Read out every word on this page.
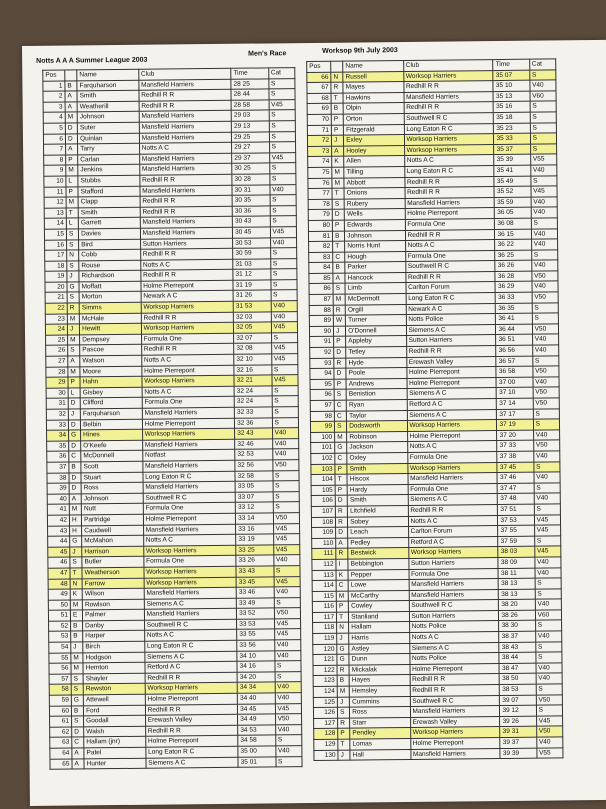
Notts A A A Summer League 2003
Men's Race	Worksop 9th July 2003
Pos		Name	Club	Time	Cat
1	B	Farquharson	Mansfield Harriers	28 25	S
2	A	Smith	Redhill R R	28 44	S
3	A	Weatherill	Redhill R R	28 58	V45
4	M	Johnson	Mansfield Harriers	29 03	S
5	D	Suter	Mansfield Harriers	29 13	S
6	D	Quinlan	Mansfield Harriers	29 25	S
7	A	Tarry	Notts A C	29 27	S
8	P	Carlan	Mansfield Harriers	29 37	V45
9	M	Jenkins	Mansfield Harriers	30 25	S
10	L	Stubbs	Redhill R R	30 28	S
11	P	Stafford	Mansfield Harriers	30 31	V40
12	M	Clapp	Redhill R R	30 35	S
13	T	Smith	Redhill R R	30 36	S
14	L	Garrett	Mansfield Harriers	30 43	S
15	S	Davies	Mansfield Harriers	30 45	V45
16	S	Bird	Sutton Harriers	30 53	V40
17	N	Cobb	Redhill R R	30 59	S
18	S	Rouse	Notts A C	31 03	S
19	J	Richardson	Redhill R R	31 12	S
20	G	Moffatt	Holme Pierrepont	31 19	S
21	S	Morton	Newark A C	31 26	S
22	R	Simms	Worksop Harriers	31 53	V40
23	M	McHale	Redhill R R	32 03	V40
24	J	Hewitt	Worksop Harriers	32 05	V45
25	M	Dempsey	Formula One	32 07	S
26	S	Pascoe	Redhill R R	32 08	V45
27	A	Watson	Notts A C	32 10	V45
28	M	Moore	Holme Pierrepont	32 16	S
29	P	Hahn	Worksop Harriers	32 21	V45
30	L	Gisbey	Notts A C	32 24	S
31	D	Clifford	Formula One	32 24	S
32	J	Farquharson	Mansfield Harriers	32 33	S
33	D	Belbin	Holme Pierrepont	32 36	S
34	G	Hines	Worksop Harriers	32 43	V40
35	D	O'Keefe	Mansfield Harriers	32 46	V40
36	C	McDonnell	Notfast	32 53	V40
37	B	Scott	Mansfield Harriers	32 56	V50
38	D	Stuart	Long Eaton R C	32 58	S
39	D	Ross	Mansfield Harriers	33 05	S
40	A	Johnson	Southwell R C	33 07	S
41	M	Nutt	Formula One	33 12	S
42	H	Partridge	Holme Pierrepont	33 14	V50
43	H	Caudwell	Mansfield Harriers	33 16	V45
44	G	McMahon	Notts A C	33 19	V45
45	J	Harrison	Worksop Harriers	33 25	V45
46	S	Butler	Formula One	33 26	V40
47	T	Weatherson	Worksop Harriers	33 43	S
48	N	Farrow	Worksop Harriers	33 45	V45
49	K	Wilson	Mansfield Harriers	33 46	V40
50	M	Rowlson	Siemens A C	33 49	S
51	E	Palmer	Mansfield Harriers	33 52	V50
52	B	Danby	Southwell R C	33 53	V45
53	B	Harper	Notts A C	33 55	V45
54	J	Birch	Long Eaton R C	33 56	V40
55	M	Hodgson	Siemens A C	34 10	V40
56	M	Hemton	Retford A C	34 16	S
57	S	Shayler	Redhill R R	34 20	S
58	S	Rewston	Worksop Harriers	34 34	V40
59	G	Attewell	Holme Pierrepont	34 40	V40
60	B	Ford	Redhill R R	34 45	V45
61	S	Goodall	Erewash Valley	34 49	V50
62	D	Walsh	Redhill R R	34 53	V40
63	C	Hallam (jnr)	Holme Pierrepont	34 58	S
64	A	Patel	Long Eaton R C	35 00	V40
65	A	Hunter	Siemens A C	35 01	S
Pos		Name	Club	Time	Cat
66	N	Russell	Worksop Harriers	35 07	S
67	R	Mayes	Redhill R R	35 10	V40
68	T	Hawkins	Mansfield Harriers	35 13	V60
69	B	Olpin	Redhill R R	35 16	S
70	P	Orton	Southwell R C	35 18	S
71	P	Fitzgerald	Long Eaton R C	35 23	S
72	J	Exley	Worksop Harriers	35 33	S
73	A	Hooley	Worksop Harriers	35 37	S
74	K	Allen	Notts A C	35 39	V55
75	M	Tilling	Long Eaton R C	35 41	V40
76	M	Abbott	Redhill R R	35 49	S
77	T	Onions	Redhill R R	35 52	V45
78	S	Rubery	Mansfield Harriers	35 59	V40
79	D	Wells	Holme Pierrepont	36 05	V40
80	P	Edwards	Formula One	36 08	S
81	B	Johnson	Redhill R R	36 15	V40
82	T	Norris Hunt	Notts A C	36 22	V40
83	C	Hough	Formula One	36 25	S
84	B	Parker	Southwell R C	36 26	V40
85	A	Hancock	Redhill R R	36 28	V50
86	S	Limb	Carlton Forum	36 29	V40
87	M	McDermott	Long Eaton R C	36 33	V50
88	R	Orgill	Newark A C	36 35	S
89	W	Turner	Notts Police	36 41	S
90	J	O'Donnell	Siemens A C	36 44	V50
91	P	Appleby	Sutton Harriers	36 51	V40
92	D	Tetley	Redhill R R	36 56	V40
93	R	Hyde	Erewash Valley	36 57	S
94	D	Poole	Holme Pierrepont	36 58	V50
95	P	Andrews	Holme Pierrepont	37 00	V40
96	S	Benistion	Siemens A C	37 10	V50
97	C	Ryan	Retford A C	37 14	V50
98	C	Taylor	Siemens A C	37 17	S
99	S	Dodsworth	Worksop Harriers	37 19	S
100	M	Robinson	Holme Pierrepont	37 20	V40
101	G	Jackson	Notts A C	37 33	V50
102	C	Oxley	Formula One	37 38	V40
103	P	Smith	Worksop Harriers	37 45	S
104	T	Hiscox	Mansfield Harriers	37 46	V40
105	P	Hardy	Formula One	37 47	S
106	D	Smith	Siemens A C	37 48	V40
107	R	Litchfield	Redhill R R	37 51	S
108	R	Sobey	Notts A C	37 53	V45
109	D	Leach	Carlton Forum	37 55	V45
110	A	Pedley	Retford A C	37 59	S
111	R	Bestwick	Worksop Harriers	38 03	V45
112	I	Bebbington	Sutton Harriers	38 09	V40
113	K	Pepper	Formula One	38 11	V40
114	C	Lowe	Mansfield Harriers	38 13	S
115	M	McCarthy	Mansfield Harriers	38 13	S
116	P	Cowley	Southwell R C	38 20	V40
117	T	Stanliand	Sutton Harriers	38 26	V60
118	N	Hallam	Notts Police	38 30	S
119	J	Harris	Notts A C	38 37	V40
120	G	Astley	Siemens A C	38 43	S
121	G	Dunn	Notts Police	38 44	S
122	R	Mickalak	Holme Pierrepont	38 47	V40
123	B	Hayes	Redhill R R	38 50	V40
124	M	Hemsley	Redhill R R	38 53	S
125	J	Cummins	Southwell R C	39 07	V50
126	S	Ross	Mansfield Harriers	39 12	S
127	R	Starr	Erewash Valley	39 26	V45
128	P	Pendley	Worksop Harriers	39 31	V50
129	T	Lomas	Holme Pierrepont	39 37	V40
130	J	Hall	Mansfield Harriers	39 39	V55
